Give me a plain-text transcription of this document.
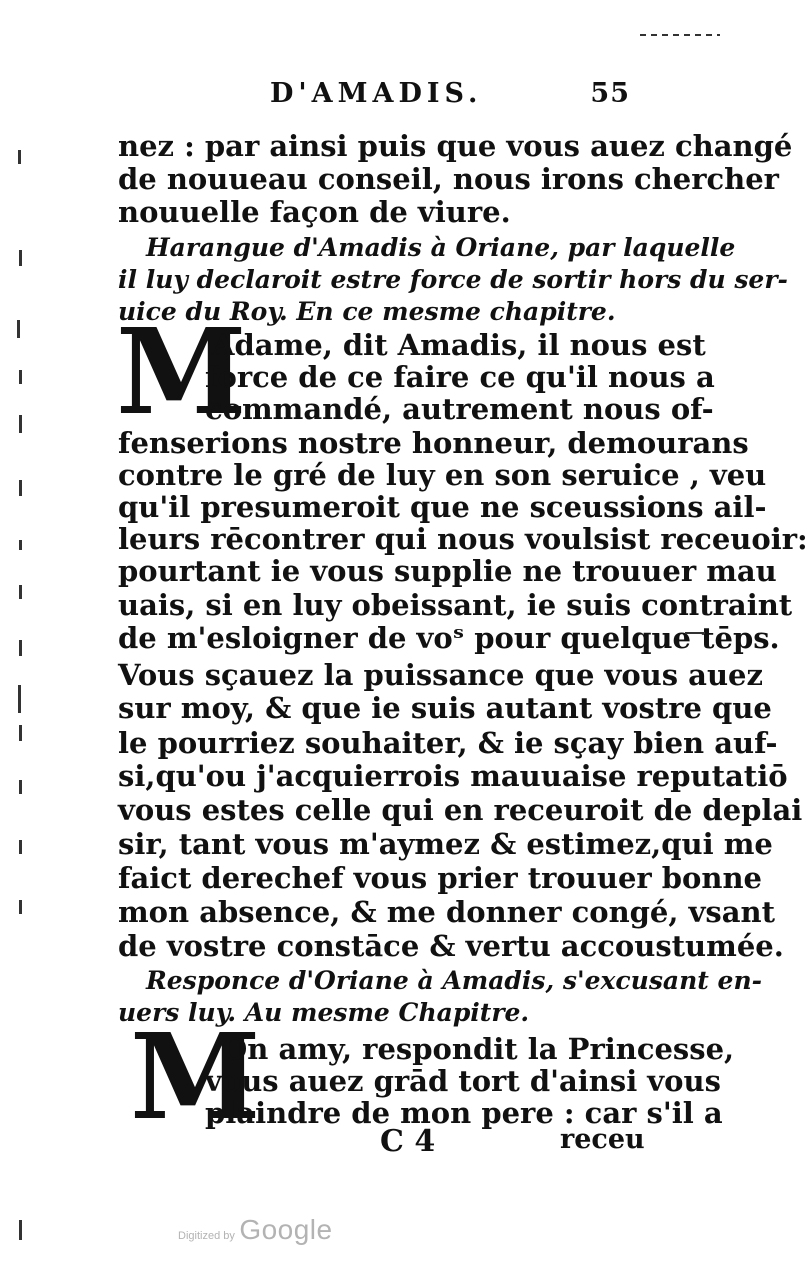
D'AMADIS.	55
nez : par ainsi puis que vous auez changé
de nouueau conseil, nous irons chercher
nouuelle façon de viure.
Harangue d'Amadis à Oriane, par laquelle
il luy declaroit estre force de sortir hors du ser-
uice du Roy. En ce mesme chapitre.
M
Adame, dit Amadis, il nous est
force de ce faire ce qu'il nous a
commandé, autrement nous of-
fenserions nostre honneur, demourans
contre le gré de luy en son seruice , veu
qu'il presumeroit que ne sceussions ail-
leurs rēcontrer qui nous voulsist receuoir:
pourtant ie vous supplie ne trouuer mau
uais, si en luy obeissant, ie suis contraint
de m'esloigner de voˢ pour quelque tēps.
Vous sçauez la puissance que vous auez
sur moy, & que ie suis autant vostre que
le pourriez souhaiter, & ie sçay bien auf-
si,qu'ou j'acquierrois mauuaise reputatiō
vous estes celle qui en receuroit de deplai
sir, tant vous m'aymez & estimez,qui me
faict derechef vous prier trouuer bonne
mon absence, & me donner congé, vsant
de vostre constāce & vertu accoustumée.
Responce d'Oriane à Amadis, s'excusant en-
uers luy. Au mesme Chapitre.
M
On amy, respondit la Princesse,
vous auez grād tort d'ainsi vous
plaindre de mon pere : car s'il a
C 4	receu
Digitized by Google
